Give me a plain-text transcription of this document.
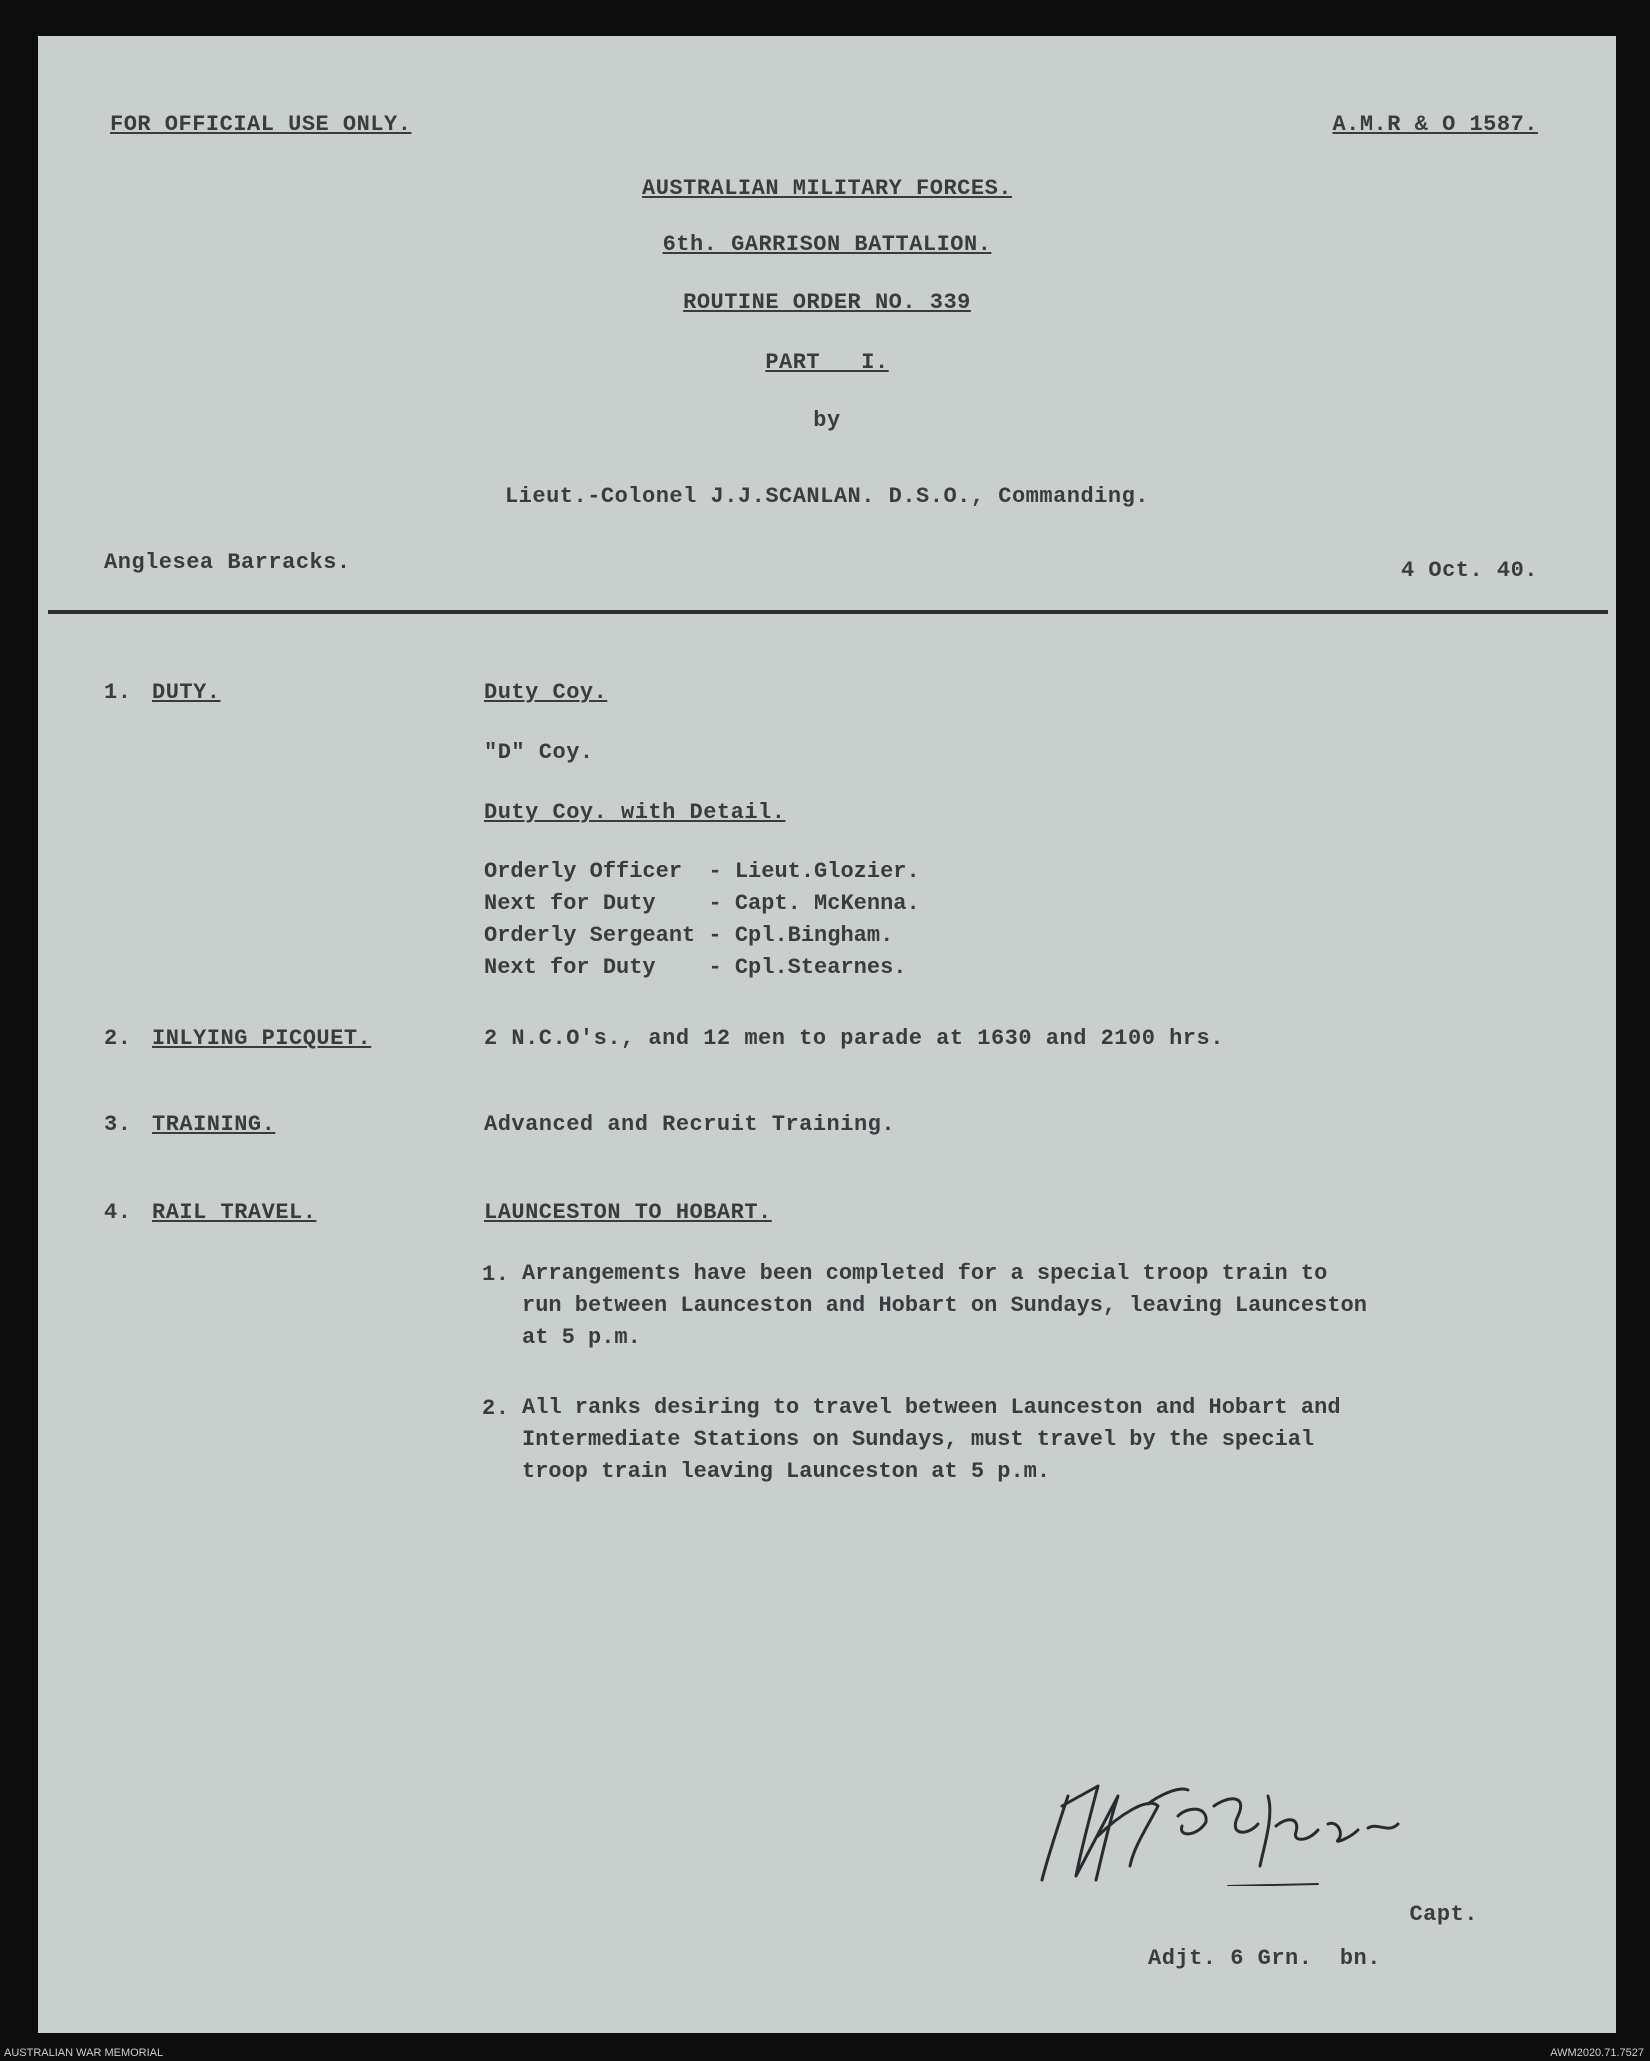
FOR OFFICIAL USE ONLY.	A.M.R & O 1587.
AUSTRALIAN MILITARY FORCES.
6th. GARRISON BATTALION.
ROUTINE ORDER NO. 339
PART   I.
by
Lieut.-Colonel J.J.SCANLAN. D.S.O., Commanding.
Anglesea Barracks.	4 Oct. 40.
1. DUTY.	Duty Coy.
"D" Coy.
Duty Coy. with Detail.
Orderly Officer  - Lieut.Glozier.
Next for Duty    - Capt. McKenna.
Orderly Sergeant - Cpl.Bingham.
Next for Duty    - Cpl.Stearnes.
2. INLYING PICQUET.	2 N.C.O's., and 12 men to parade at 1630 and 2100 hrs.
3. TRAINING.	Advanced and Recruit Training.
4. RAIL TRAVEL.	LAUNCESTON TO HOBART.
1. Arrangements have been completed for a special troop train to
run between Launceston and Hobart on Sundays, leaving Launceston
at 5 p.m.
2. All ranks desiring to travel between Launceston and Hobart and
Intermediate Stations on Sundays, must travel by the special
troop train leaving Launceston at 5 p.m.
Capt.
Adjt. 6 Grn.  bn.
AUSTRALIAN WAR MEMORIAL	AWM2020.71.7527
